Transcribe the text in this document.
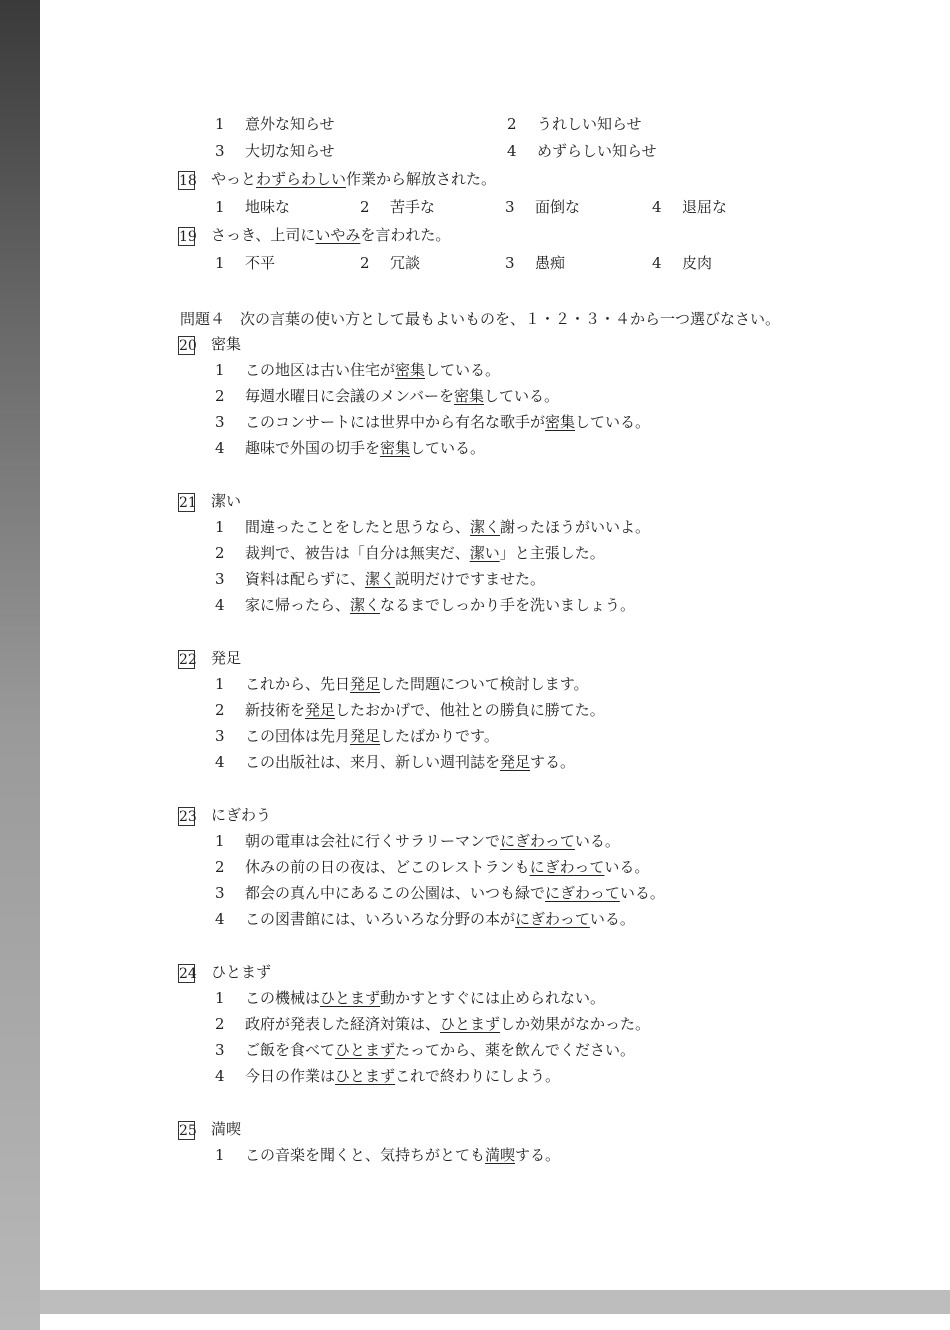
1 意外な知らせ	2 うれしい知らせ
3 大切な知らせ	4 めずらしい知らせ
18 やっとわずらわしい作業から解放された。
1 地味な	2 苦手な	3 面倒な	4 退屈な
19 さっき、上司にいやみを言われた。
1 不平	2 冗談	3 愚痴	4 皮肉
問題４　次の言葉の使い方として最もよいものを、１・２・３・４から一つ選びなさい。
20 密集
1 この地区は古い住宅が密集している。
2 毎週水曜日に会議のメンバーを密集している。
3 このコンサートには世界中から有名な歌手が密集している。
4 趣味で外国の切手を密集している。
21 潔い
1 間違ったことをしたと思うなら、潔く謝ったほうがいいよ。
2 裁判で、被告は「自分は無実だ、潔い」と主張した。
3 資料は配らずに、潔く説明だけですませた。
4 家に帰ったら、潔くなるまでしっかり手を洗いましょう。
22 発足
1 これから、先日発足した問題について検討します。
2 新技術を発足したおかげで、他社との勝負に勝てた。
3 この団体は先月発足したばかりです。
4 この出版社は、来月、新しい週刊誌を発足する。
23 にぎわう
1 朝の電車は会社に行くサラリーマンでにぎわっている。
2 休みの前の日の夜は、どこのレストランもにぎわっている。
3 都会の真ん中にあるこの公園は、いつも緑でにぎわっている。
4 この図書館には、いろいろな分野の本がにぎわっている。
24 ひとまず
1 この機械はひとまず動かすとすぐには止められない。
2 政府が発表した経済対策は、ひとまずしか効果がなかった。
3 ご飯を食べてひとまずたってから、薬を飲んでください。
4 今日の作業はひとまずこれで終わりにしよう。
25 満喫
1 この音楽を聞くと、気持ちがとても満喫する。
